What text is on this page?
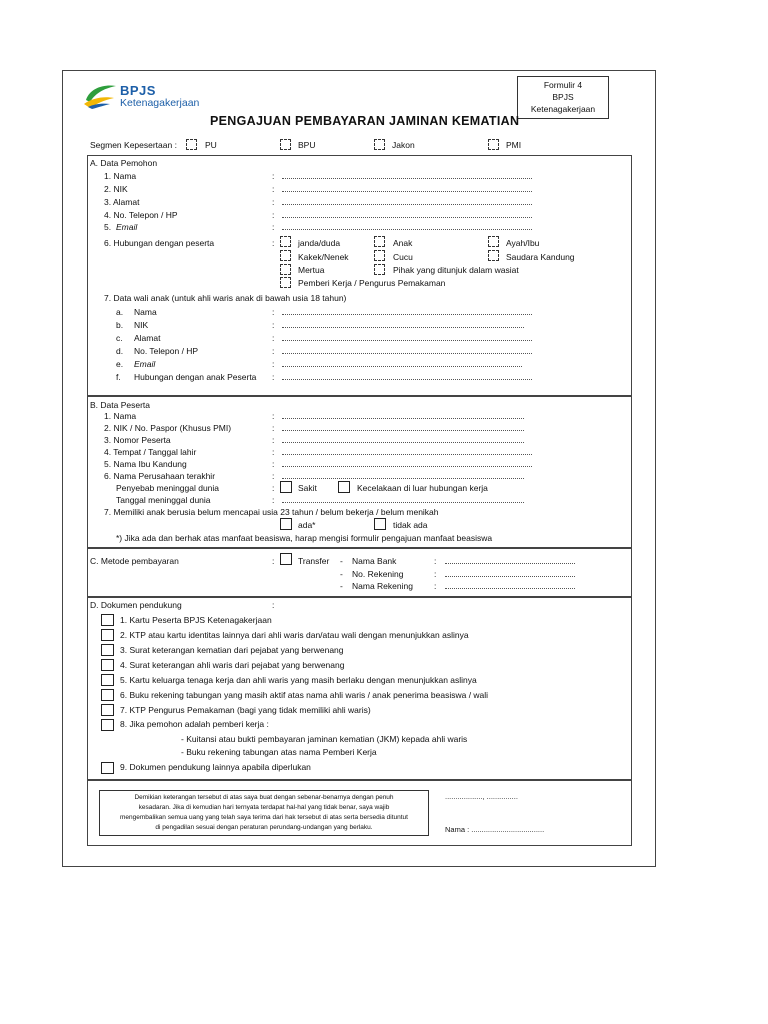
BPJS
Ketenagakerjaan
Formulir 4
BPJS
Ketenagakerjaan
PENGAJUAN PEMBAYARAN JAMINAN KEMATIAN
Segmen Kepesertaan :	PU	BPU	Jakon	PMI
A. Data Pemohon
1. Nama	:
2. NIK	:
3. Alamat	:
4. No. Telepon / HP	:
5. Email	:
6. Hubungan dengan peserta	:	janda/duda	Anak	Ayah/Ibu
Kakek/Nenek	Cucu	Saudara Kandung
Mertua	Pihak yang ditunjuk dalam wasiat
Pemberi Kerja / Pengurus Pemakaman
7. Data wali anak (untuk ahli waris anak di bawah usia 18 tahun)
a. Nama	:
b. NIK	:
c. Alamat	:
d. No. Telepon / HP	:
e. Email	:
f. Hubungan dengan anak Peserta :
B. Data Peserta
1. Nama	:
2. NIK / No. Paspor (Khusus PMI)	:
3. Nomor Peserta	:
4. Tempat / Tanggal lahir	:
5. Nama Ibu Kandung	:
6. Nama Perusahaan terakhir	:
Penyebab meninggal dunia	:	Sakit	Kecelakaan di luar hubungan kerja
Tanggal meninggal dunia	:
7. Memiliki anak berusia belum mencapai usia 23 tahun / belum bekerja / belum menikah
ada*	tidak ada
*) Jika ada dan berhak atas manfaat beasiswa, harap mengisi formulir pengajuan manfaat beasiswa
C. Metode pembayaran	:	Transfer - Nama Bank	:
- No. Rekening	:
- Nama Rekening :
D. Dokumen pendukung	:
1. Kartu Peserta BPJS Ketenagakerjaan
2. KTP atau kartu identitas lainnya dari ahli waris dan/atau wali dengan menunjukkan aslinya
3. Surat keterangan kematian dari pejabat yang berwenang
4. Surat keterangan ahli waris dari pejabat yang berwenang
5. Kartu keluarga tenaga kerja dan ahli waris yang masih berlaku dengan menunjukkan aslinya
6. Buku rekening tabungan yang masih aktif atas nama ahli waris / anak penerima beasiswa / wali
7. KTP Pengurus Pemakaman (bagi yang tidak memiliki ahli waris)
8. Jika pemohon adalah pemberi kerja :
- Kuitansi atau bukti pembayaran jaminan kematian (JKM) kepada ahli waris
- Buku rekening tabungan atas nama Pemberi Kerja
9. Dokumen pendukung lainnya apabila diperlukan
Demikian keterangan tersebut di atas saya buat dengan sebenar-benarnya dengan penuh
kesadaran. Jika di kemudian hari ternyata terdapat hal-hal yang tidak benar, saya wajib
mengembalikan semua uang yang telah saya terima dari hak tersebut di atas serta bersedia dituntut
di pengadilan sesuai dengan peraturan perundang-undangan yang berlaku.
.................., ...............
Nama : ...................................
